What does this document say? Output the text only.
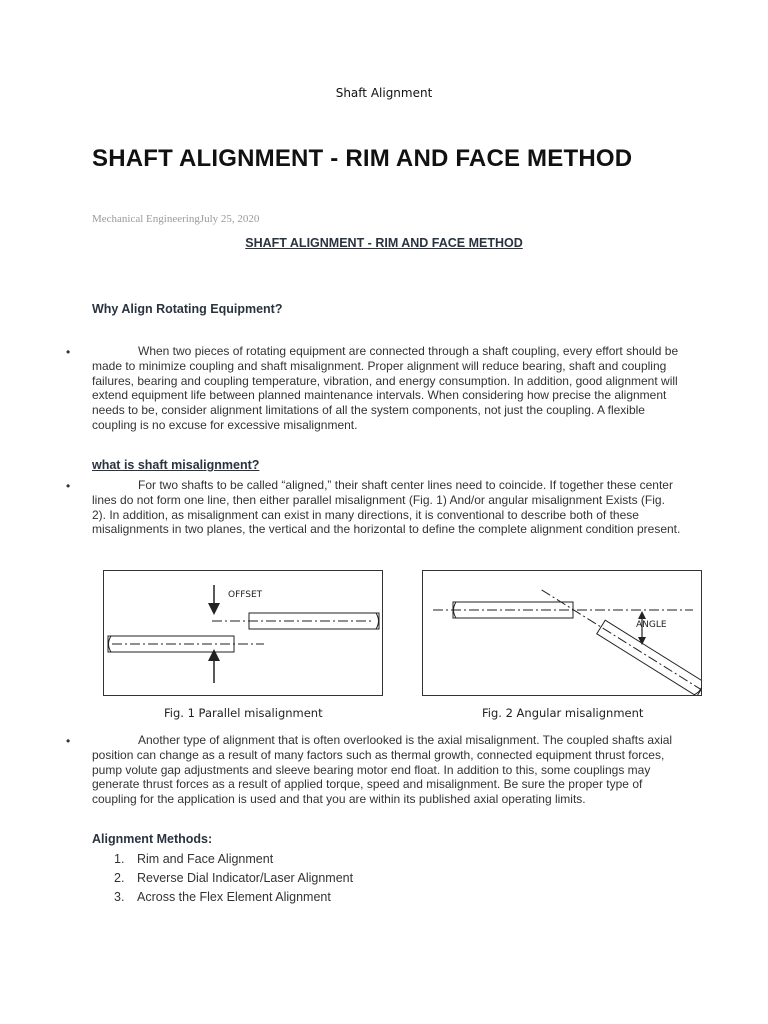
Shaft Alignment
SHAFT ALIGNMENT - RIM AND FACE METHOD
Mechanical EngineeringJuly 25, 2020
SHAFT ALIGNMENT - RIM AND FACE METHOD
Why Align Rotating Equipment?
•	When two pieces of rotating equipment are connected through a shaft coupling, every effort should be made to minimize coupling and shaft misalignment. Proper alignment will reduce bearing, shaft and coupling failures, bearing and coupling temperature, vibration, and energy consumption. In addition, good alignment will extend equipment life between planned maintenance intervals. When considering how precise the alignment needs to be, consider alignment limitations of all the system components, not just the coupling. A flexible coupling is no excuse for excessive misalignment.

what is shaft misalignment?
•	For two shafts to be called “aligned,” their shaft center lines need to coincide. If together these center lines do not form one line, then either parallel misalignment (Fig. 1) And/or angular misalignment Exists (Fig. 2). In addition, as misalignment can exist in many directions, it is conventional to describe both of these misalignments in two planes, the vertical and the horizontal to define the complete alignment condition present.

OFFSET
Fig. 1 Parallel misalignment
ANGLE
Fig. 2 Angular misalignment
•	Another type of alignment that is often overlooked is the axial misalignment. The coupled shafts axial position can change as a result of many factors such as thermal growth, connected equipment thrust forces, pump volute gap adjustments and sleeve bearing motor end float. In addition to this, some couplings may generate thrust forces as a result of applied torque, speed and misalignment. Be sure the proper type of coupling for the application is used and that you are within its published axial operating limits.

Alignment Methods:
1. Rim and Face Alignment
2. Reverse Dial Indicator/Laser Alignment
3. Across the Flex Element Alignment
